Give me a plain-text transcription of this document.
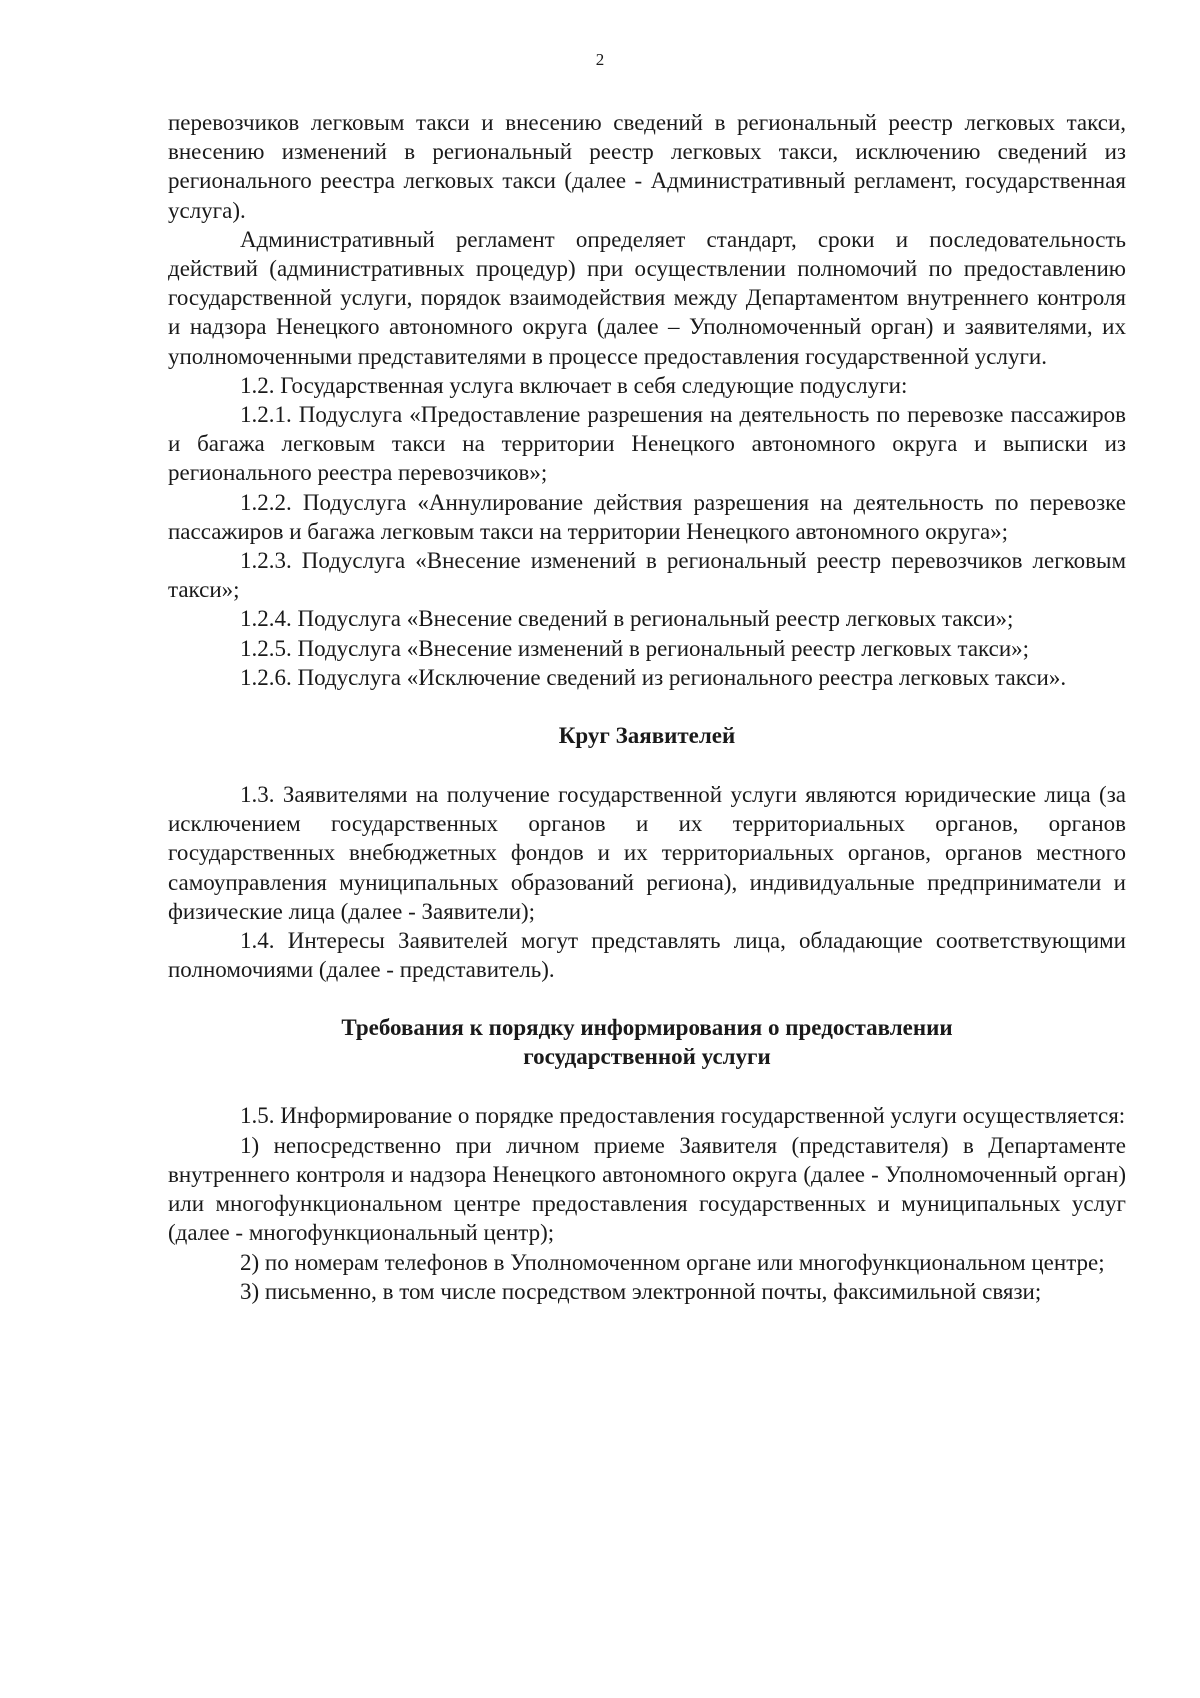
2

перевозчиков легковым такси и внесению сведений в региональный реестр легковых такси, внесению изменений в региональный реестр легковых такси, исключению сведений из регионального реестра легковых такси (далее - Административный регламент, государственная услуга).

Административный регламент определяет стандарт, сроки и последовательность действий (административных процедур) при осуществлении полномочий по предоставлению государственной услуги, порядок взаимодействия между Департаментом внутреннего контроля и надзора Ненецкого автономного округа (далее – Уполномоченный орган) и заявителями, их уполномоченными представителями в процессе предоставления государственной услуги.

1.2. Государственная услуга включает в себя следующие подуслуги:

1.2.1. Подуслуга «Предоставление разрешения на деятельность по перевозке пассажиров и багажа легковым такси на территории Ненецкого автономного округа и выписки из регионального реестра перевозчиков»;

1.2.2. Подуслуга «Аннулирование действия разрешения на деятельность по перевозке пассажиров и багажа легковым такси на территории Ненецкого автономного округа»;

1.2.3. Подуслуга «Внесение изменений в региональный реестр перевозчиков легковым такси»;

1.2.4. Подуслуга «Внесение сведений в региональный реестр легковых такси»;

1.2.5. Подуслуга «Внесение изменений в региональный реестр легковых такси»;

1.2.6. Подуслуга «Исключение сведений из регионального реестра легковых такси».

Круг Заявителей

1.3. Заявителями на получение государственной услуги являются юридические лица (за исключением государственных органов и их территориальных органов, органов государственных внебюджетных фондов и их территориальных органов, органов местного самоуправления муниципальных образований региона), индивидуальные предприниматели и физические лица (далее - Заявители);

1.4. Интересы Заявителей могут представлять лица, обладающие соответствующими полномочиями (далее - представитель).

Требования к порядку информирования о предоставлении
государственной услуги

1.5. Информирование о порядке предоставления государственной услуги осуществляется:

1) непосредственно при личном приеме Заявителя (представителя) в Департаменте внутреннего контроля и надзора Ненецкого автономного округа (далее - Уполномоченный орган) или многофункциональном центре предоставления государственных и муниципальных услуг (далее - многофункциональный центр);

2) по номерам телефонов в Уполномоченном органе или многофункциональном центре;

3) письменно, в том числе посредством электронной почты, факсимильной связи;
